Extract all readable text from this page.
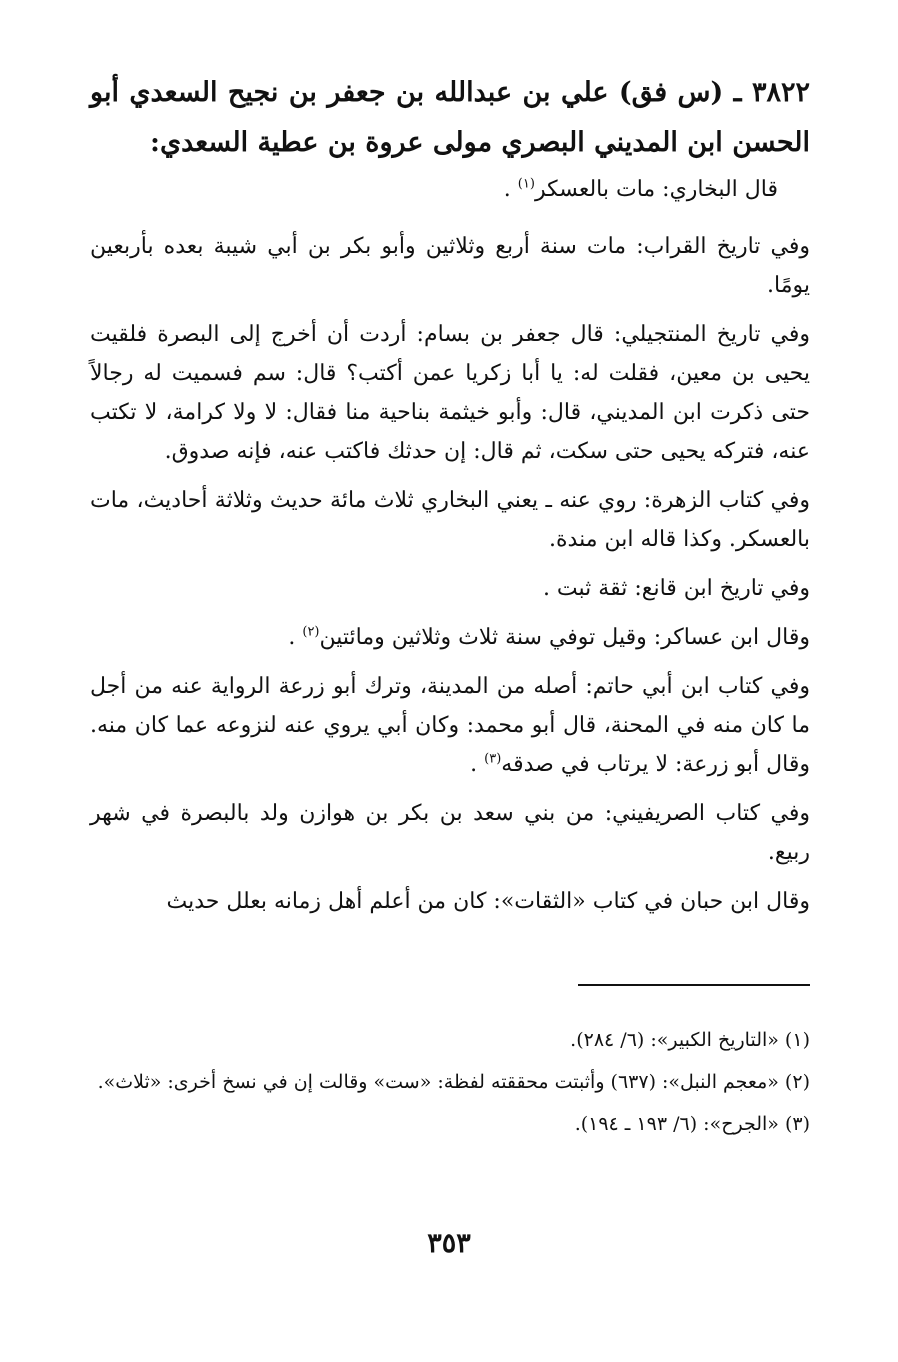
٣٨٢٢ ـ (س فق) علي بن عبدالله بن جعفر بن نجيح السعدي أبو الحسن ابن المديني البصري مولى عروة بن عطية السعدي:

قال البخاري: مات بالعسكر$^{(١)}$ .

وفي تاريخ القراب: مات سنة أربع وثلاثين وأبو بكر بن أبي شيبة بعده بأربعين يومًا.

وفي تاريخ المنتجيلي: قال جعفر بن بسام: أردت أن أخرج إلى البصرة فلقيت يحيى بن معين، فقلت له: يا أبا زكريا عمن أكتب؟ قال: سم فسميت له رجالاً حتى ذكرت ابن المديني، قال: وأبو خيثمة بناحية منا فقال: لا ولا كرامة، لا تكتب عنه، فتركه يحيى حتى سكت، ثم قال: إن حدثك فاكتب عنه، فإنه صدوق.

وفي كتاب الزهرة: روي عنه ـ يعني البخاري ثلاث مائة حديث وثلاثة أحاديث، مات بالعسكر. وكذا قاله ابن مندة.

وفي تاريخ ابن قانع: ثقة ثبت .

وقال ابن عساكر: وقيل توفي سنة ثلاث وثلاثين ومائتين$^{(٢)}$ .

وفي كتاب ابن أبي حاتم: أصله من المدينة، وترك أبو زرعة الرواية عنه من أجل ما كان منه في المحنة، قال أبو محمد: وكان أبي يروي عنه لنزوعه عما كان منه. وقال أبو زرعة: لا يرتاب في صدقه$^{(٣)}$ .

وفي كتاب الصريفيني: من بني سعد بن بكر بن هوازن ولد بالبصرة في شهر ربيع.

وقال ابن حبان في كتاب «الثقات»: كان من أعلم أهل زمانه بعلل حديث

(١) «التاريخ الكبير»: (٦/ ٢٨٤).

(٢) «معجم النبل»: (٦٣٧) وأثبتت محققته لفظة: «ست» وقالت إن في نسخ أخرى: «ثلاث».

(٣) «الجرح»: (٦/ ١٩٣ ـ ١٩٤).

٣٥٣
